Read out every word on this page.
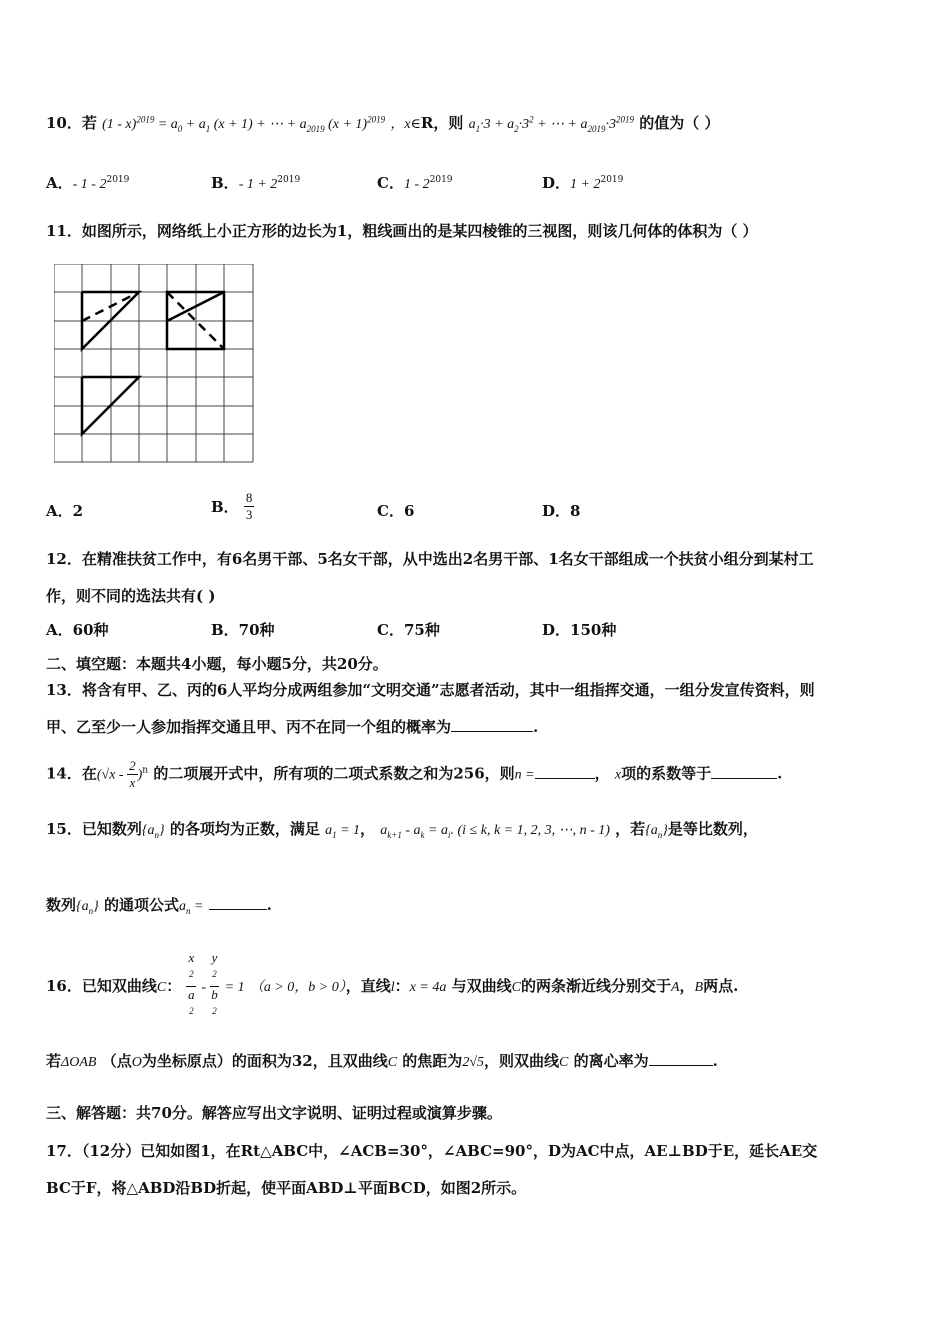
10．若 $(1 - x)^{2019} = a_0 + a_1$ (x + 1) + ⋯ + $a_{2019}$ $(x + 1)^{2019}$ ，x∈R，则 $a_1\cdot 3 + a_2\cdot 3^2$ + ⋯ + $a_{2019}\cdot 3^{2019}$ 的值为（ ）
A．- $1 - 2^{2019}$	B．- $1 + 2^{2019}$	C．$1 - 2^{2019}$	D．$1 + 2^{2019}$
11．如图所示，网络纸上小正方形的边长为1，粗线画出的是某四棱锥的三视图，则该几何体的体积为（ ）
A．2	B． $\frac{8}{3}$	C．6	D．8
12．在精准扶贫工作中，有6名男干部、5名女干部，从中选出2名男干部、1名女干部组成一个扶贫小组分到某村工
作，则不同的选法共有( )
A．60种	B．70种	C．75种	D．150种
二、填空题：本题共4小题，每小题5分，共20分。
13．将含有甲、乙、丙的6人平均分成两组参加“文明交通”志愿者活动，其中一组指挥交通，一组分发宣传资料，则
甲、乙至少一人参加指挥交通且甲、丙不在同一个组的概率为	.
14．在$(√x - \frac{2}{x} )^n$ 的二项展开式中，所有项的二项式系数之和为256，则n =	， x项的系数等于	.
15．已知数列$\{a_n\}$ 的各项均为正数，满足 $a_1 = 1$， $a_{k+1} - a_k = a_i$. (i ≤ k, k = 1, 2, 3, ⋯, n - 1) ，若$\{a_n\}$是等比数列，
数列$\{a_n\}$ 的通项公式$a_n$ =	.
16．已知双曲线C： x
$^2$
a
$^2$ - y
$^2$
b
$^2$ = 1 （a > 0，b > 0），直线l：x = 4a 与双曲线C的两条渐近线分别交于A，B两点.
若ΔOAB （点O为坐标原点）的面积为32，且双曲线C 的焦距为2√5，则双曲线C 的离心率为	.
三、解答题：共70分。解答应写出文字说明、证明过程或演算步骤。
17．（12分）已知如图1，在Rt△ABC中，∠ACB=30°，∠ABC=90°，D为AC中点，AE⊥BD于E，延长AE交
BC于F，将△ABD沿BD折起，使平面ABD⊥平面BCD，如图2所示。
